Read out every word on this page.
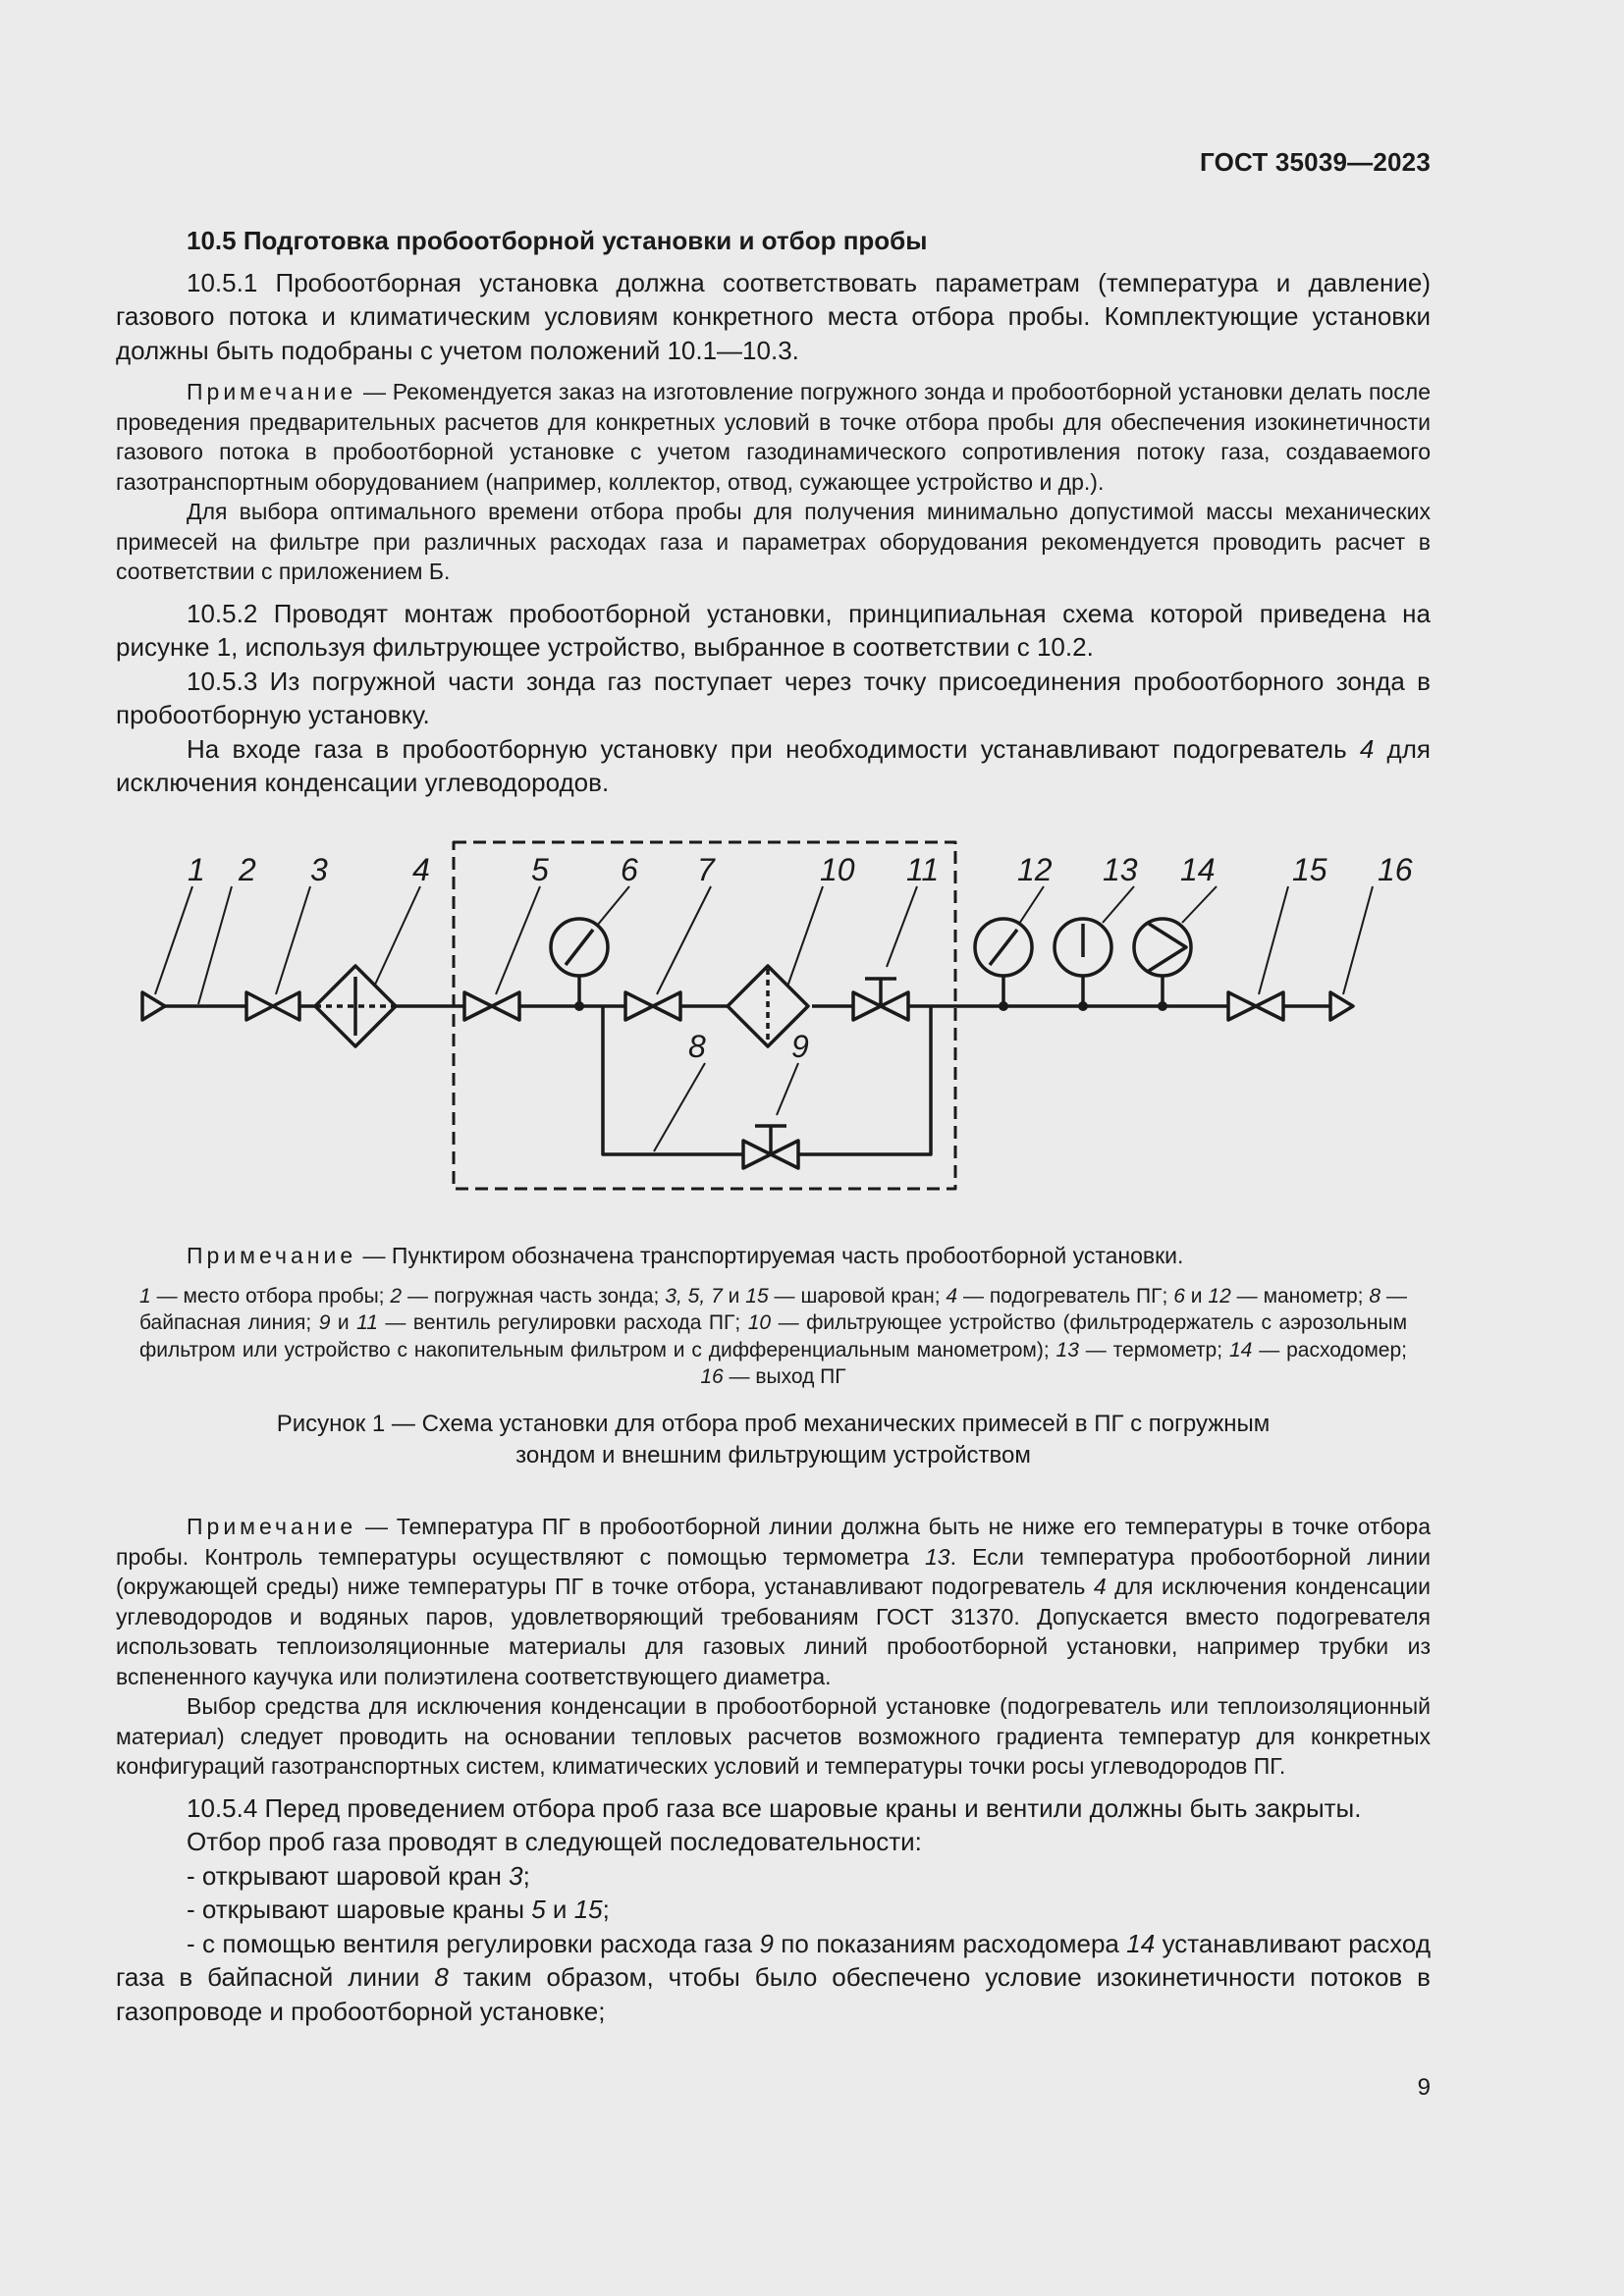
ГОСТ 35039—2023

10.5 Подготовка пробоотборной установки и отбор пробы

10.5.1 Пробоотборная установка должна соответствовать параметрам (температура и давление) газового потока и климатическим условиям конкретного места отбора пробы. Комплектующие установки должны быть подобраны с учетом положений 10.1—10.3.

Примечание — Рекомендуется заказ на изготовление погружного зонда и пробоотборной установки делать после проведения предварительных расчетов для конкретных условий в точке отбора пробы для обеспечения изокинетичности газового потока в пробоотборной установке с учетом газодинамического сопротивления потоку газа, создаваемого газотранспортным оборудованием (например, коллектор, отвод, сужающее устройство и др.).

Для выбора оптимального времени отбора пробы для получения минимально допустимой массы механических примесей на фильтре при различных расходах газа и параметрах оборудования рекомендуется проводить расчет в соответствии с приложением Б.

10.5.2 Проводят монтаж пробоотборной установки, принципиальная схема которой приведена на рисунке 1, используя фильтрующее устройство, выбранное в соответствии с 10.2.

10.5.3 Из погружной части зонда газ поступает через точку присоединения пробоотборного зонда в пробоотборную установку.

На входе газа в пробоотборную установку при необходимости устанавливают подогреватель 4 для исключения конденсации углеводородов.

1 2 3	4	5 6 7
8	9
10 11 12 13 14 15 16

Примечание — Пунктиром обозначена транспортируемая часть пробоотборной установки.

1 — место отбора пробы; 2 — погружная часть зонда; 3, 5, 7 и 15 — шаровой кран; 4 — подогреватель ПГ; 6 и 12 — манометр; 8 — байпасная линия; 9 и 11 — вентиль регулировки расхода ПГ; 10 — фильтрующее устройство (фильтродержатель с аэрозольным фильтром или устройство с накопительным фильтром и с дифференциальным манометром); 13 — термометр; 14 — расходомер; 16 — выход ПГ

Рисунок 1 — Схема установки для отбора проб механических примесей в ПГ с погружным зондом и внешним фильтрующим устройством

Примечание — Температура ПГ в пробоотборной линии должна быть не ниже его температуры в точке отбора пробы. Контроль температуры осуществляют с помощью термометра 13. Если температура пробоотборной линии (окружающей среды) ниже температуры ПГ в точке отбора, устанавливают подогреватель 4 для исключения конденсации углеводородов и водяных паров, удовлетворяющий требованиям ГОСТ 31370. Допускается вместо подогревателя использовать теплоизоляционные материалы для газовых линий пробоотборной установки, например трубки из вспененного каучука или полиэтилена соответствующего диаметра.

Выбор средства для исключения конденсации в пробоотборной установке (подогреватель или теплоизоляционный материал) следует проводить на основании тепловых расчетов возможного градиента температур для конкретных конфигураций газотранспортных систем, климатических условий и температуры точки росы углеводородов ПГ.

10.5.4 Перед проведением отбора проб газа все шаровые краны и вентили должны быть закрыты.

Отбор проб газа проводят в следующей последовательности:

- открывают шаровой кран 3;

- открывают шаровые краны 5 и 15;

- с помощью вентиля регулировки расхода газа 9 по показаниям расходомера 14 устанавливают расход газа в байпасной линии 8 таким образом, чтобы было обеспечено условие изокинетичности потоков в газопроводе и пробоотборной установке;

9
